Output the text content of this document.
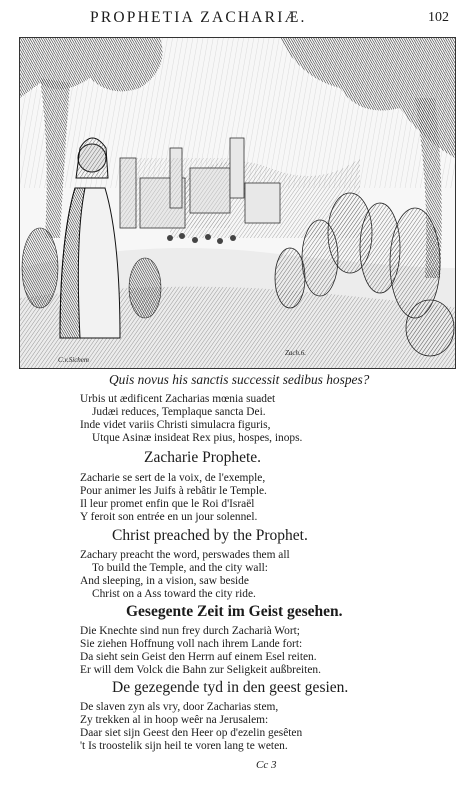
PROPHETIA ZACHARIÆ.	102
C.v.Sichem
Zach.6.
Quis novus his sanctis successit sedibus hospes?
Urbis ut ædificent Zacharias mœnia suadet
Judæi reduces, Templaque sancta Dei.
Inde videt variis Christi simulacra figuris,
Utque Asinæ insideat Rex pius, hospes, inops.
Zacharie Prophete.
Zacharie se sert de la voix, de l'exemple,
Pour animer les Juifs à rebâtir le Temple.
Il leur promet enfin que le Roi d'Israël
Y feroit son entrée en un jour solennel.
Christ preached by the Prophet.
Zachary preacht the word, perswades them all
To build the Temple, and the city wall:
And sleeping, in a vision, saw beside
Christ on a Ass toward the city ride.
Gesegente Zeit im Geist gesehen.
Die Knechte sind nun frey durch Zacharià Wort;
Sie ziehen Hoffnung voll nach ihrem Lande fort:
Da sieht sein Geist den Herrn auf einem Esel reiten.
Er will dem Volck die Bahn zur Seligkeit außbreiten.
De gezegende tyd in den geest gesien.
De slaven zyn als vry, door Zacharias stem,
Zy trekken al in hoop weêr na Jerusalem:
Daar siet sijn Geest den Heer op d'ezelin gesêten
't Is troostelik sijn heil te voren lang te weten.
Cc 3
